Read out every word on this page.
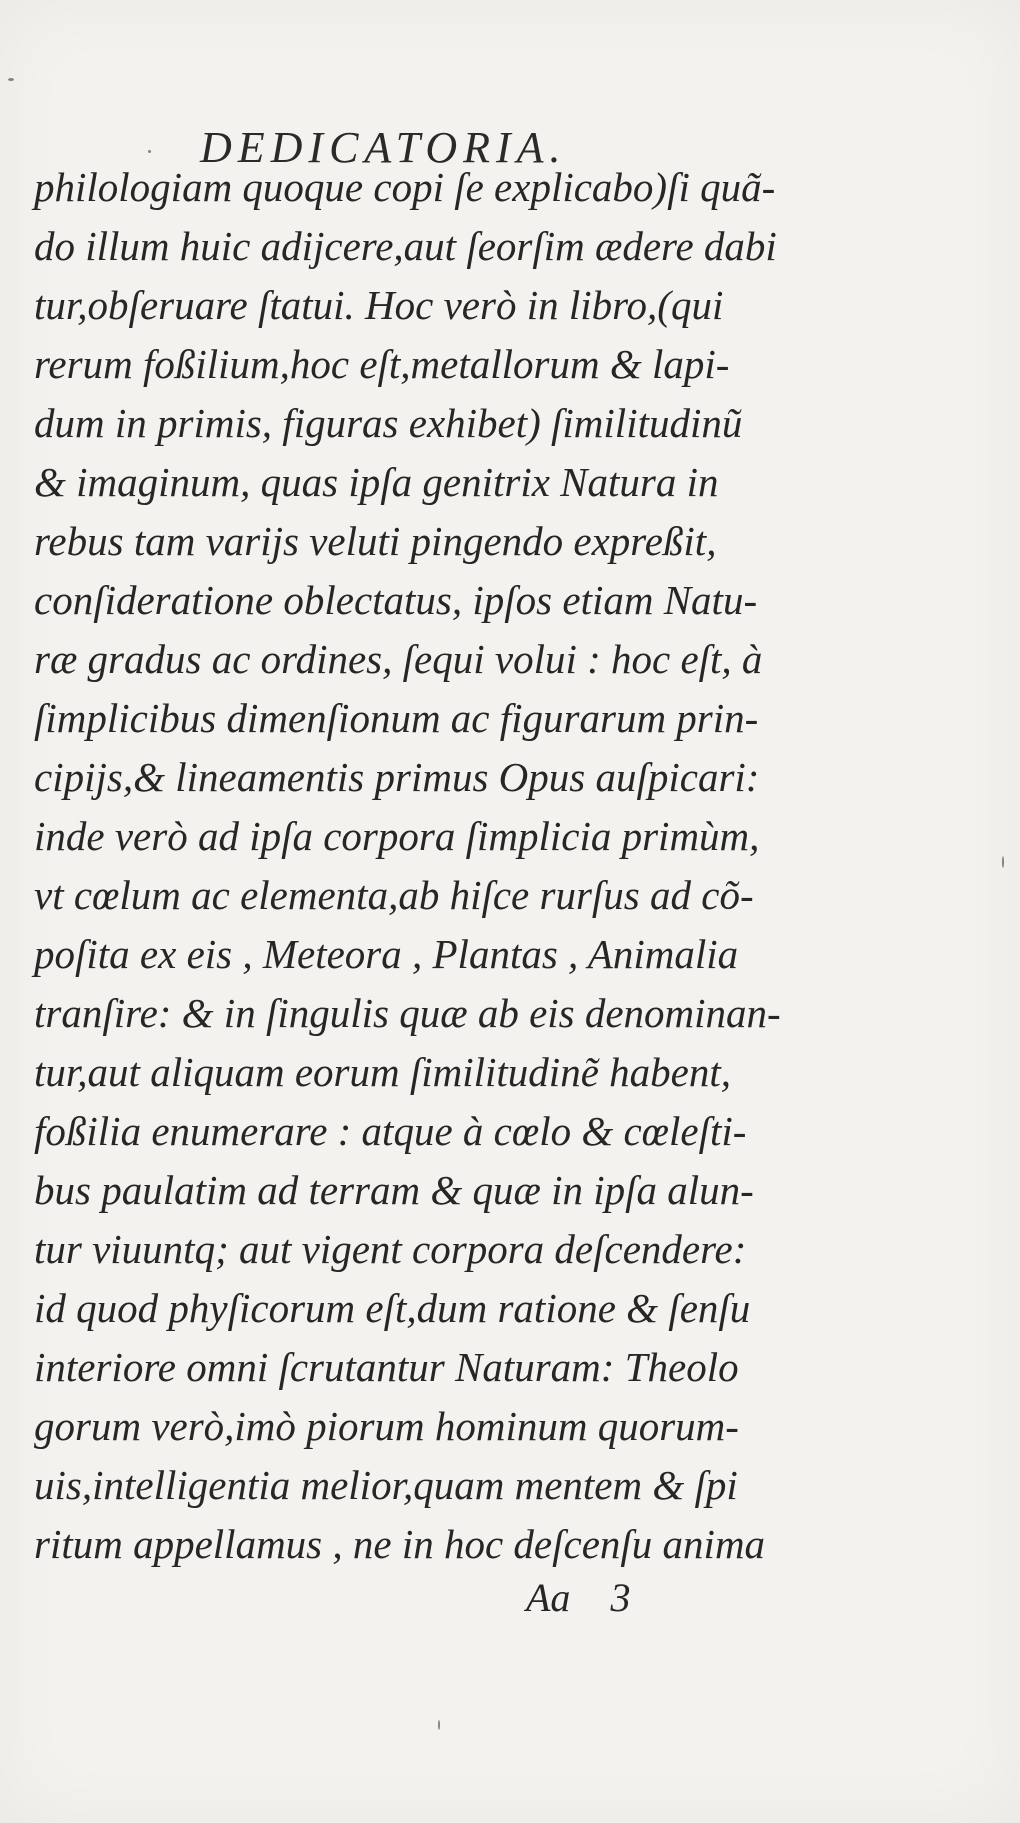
DEDICATORIA.
philologiam quoque copi ſe explicabo)ſi quã-
do illum huic adijcere,aut ſeorſim ædere dabi
tur,obſeruare ſtatui. Hoc verò in libro,(qui
rerum foßilium,hoc eſt,metallorum & lapi-
dum in primis, figuras exhibet) ſimilitudinũ
& imaginum, quas ipſa genitrix Natura in
rebus tam varijs veluti pingendo expreßit,
conſideratione oblectatus, ipſos etiam Natu-
ræ gradus ac ordines, ſequi volui : hoc eſt, à
ſimplicibus dimenſionum ac figurarum prin-
cipijs,& lineamentis primus Opus auſpicari:
inde verò ad ipſa corpora ſimplicia primùm,
vt cœlum ac elementa,ab hiſce rurſus ad cõ-
poſita ex eis , Meteora , Plantas , Animalia
tranſire: & in ſingulis quæ ab eis denominan-
tur,aut aliquam eorum ſimilitudinẽ habent,
foßilia enumerare : atque à cœlo & cœleſti-
bus paulatim ad terram & quæ in ipſa alun-
tur viuuntq; aut vigent corpora deſcendere:
id quod phyſicorum eſt,dum ratione & ſenſu
interiore omni ſcrutantur Naturam: Theolo
gorum verò,imò piorum hominum quorum-
uis,intelligentia melior,quam mentem & ſpi
ritum appellamus , ne in hoc deſcenſu anima
Aa 3
